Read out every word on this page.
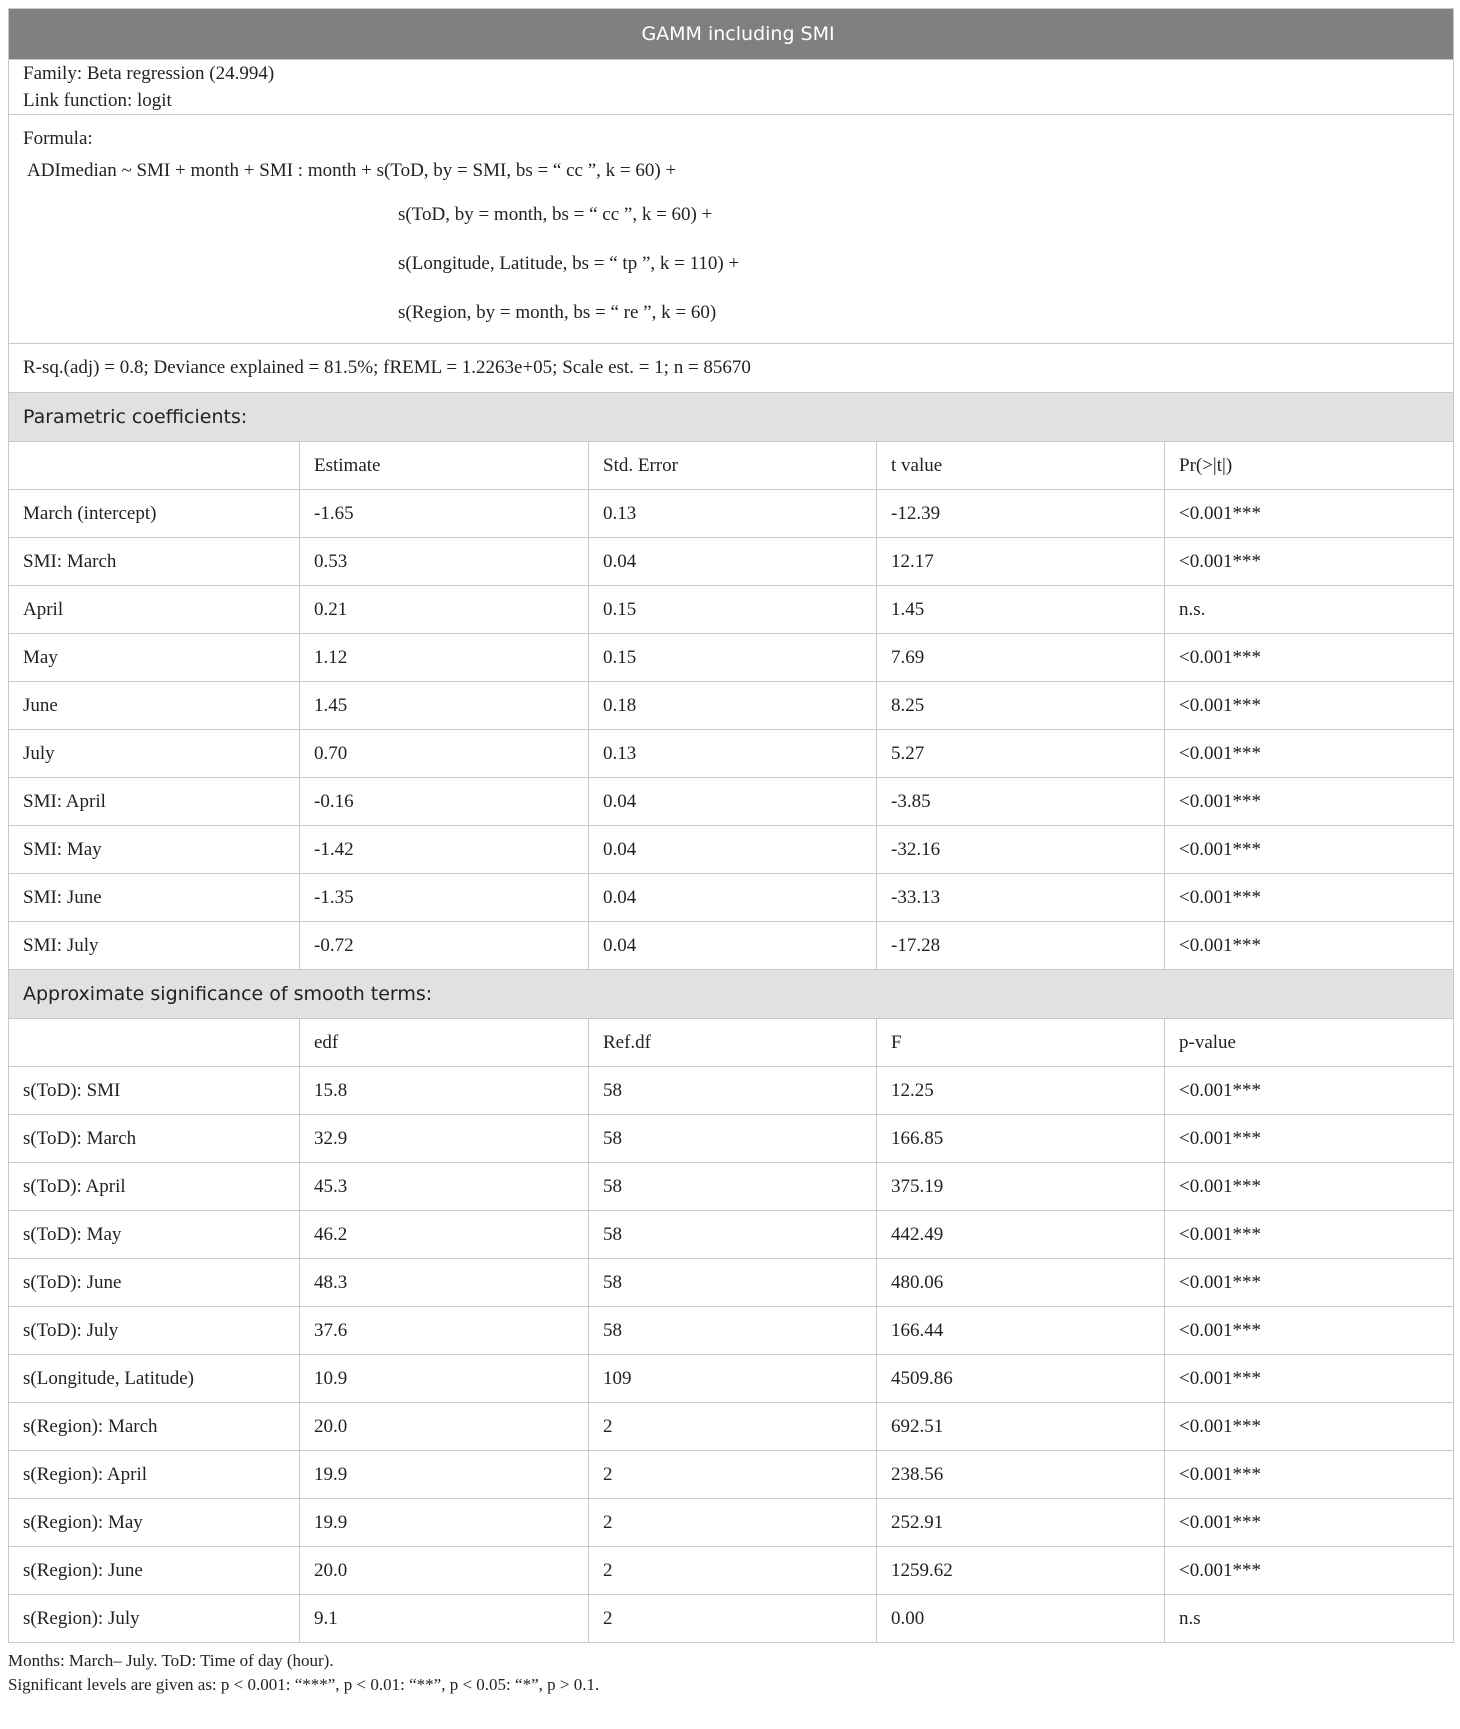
GAMM including SMI				

Family: Beta regression (24.994)
Link function: logit				

Formula:
ADImedian ~ SMI + month + SMI : month + s(ToD, by = SMI, bs = “ cc ”, k = 60) +
s(ToD, by = month, bs = “ cc ”, k = 60) +
s(Longitude, Latitude, bs = “ tp ”, k = 110) +
s(Region, by = month, bs = “ re ”, k = 60)				

R-sq.(adj) = 0.8; Deviance explained = 81.5%; fREML = 1.2263e+05; Scale est. = 1; n = 85670				
Parametric coefficients:				
	Estimate	Std. Error	t value	Pr(>|t|)
March (intercept)	-1.65	0.13	-12.39	<0.001***
SMI: March	0.53	0.04	12.17	<0.001***
April	0.21	0.15	1.45	n.s.
May	1.12	0.15	7.69	<0.001***
June	1.45	0.18	8.25	<0.001***
July	0.70	0.13	5.27	<0.001***
SMI: April	-0.16	0.04	-3.85	<0.001***
SMI: May	-1.42	0.04	-32.16	<0.001***
SMI: June	-1.35	0.04	-33.13	<0.001***
SMI: July	-0.72	0.04	-17.28	<0.001***
Approximate significance of smooth terms:				
	edf	Ref.df	F	p-value
s(ToD): SMI	15.8	58	12.25	<0.001***
s(ToD): March	32.9	58	166.85	<0.001***
s(ToD): April	45.3	58	375.19	<0.001***
s(ToD): May	46.2	58	442.49	<0.001***
s(ToD): June	48.3	58	480.06	<0.001***
s(ToD): July	37.6	58	166.44	<0.001***
s(Longitude, Latitude)	10.9	109	4509.86	<0.001***
s(Region): March	20.0	2	692.51	<0.001***
s(Region): April	19.9	2	238.56	<0.001***
s(Region): May	19.9	2	252.91	<0.001***
s(Region): June	20.0	2	1259.62	<0.001***
s(Region): July	9.1	2	0.00	n.s
Months: March– July. ToD: Time of day (hour).
Significant levels are given as: p < 0.001: “***”, p < 0.01: “**”, p < 0.05: “*”, p > 0.1.
